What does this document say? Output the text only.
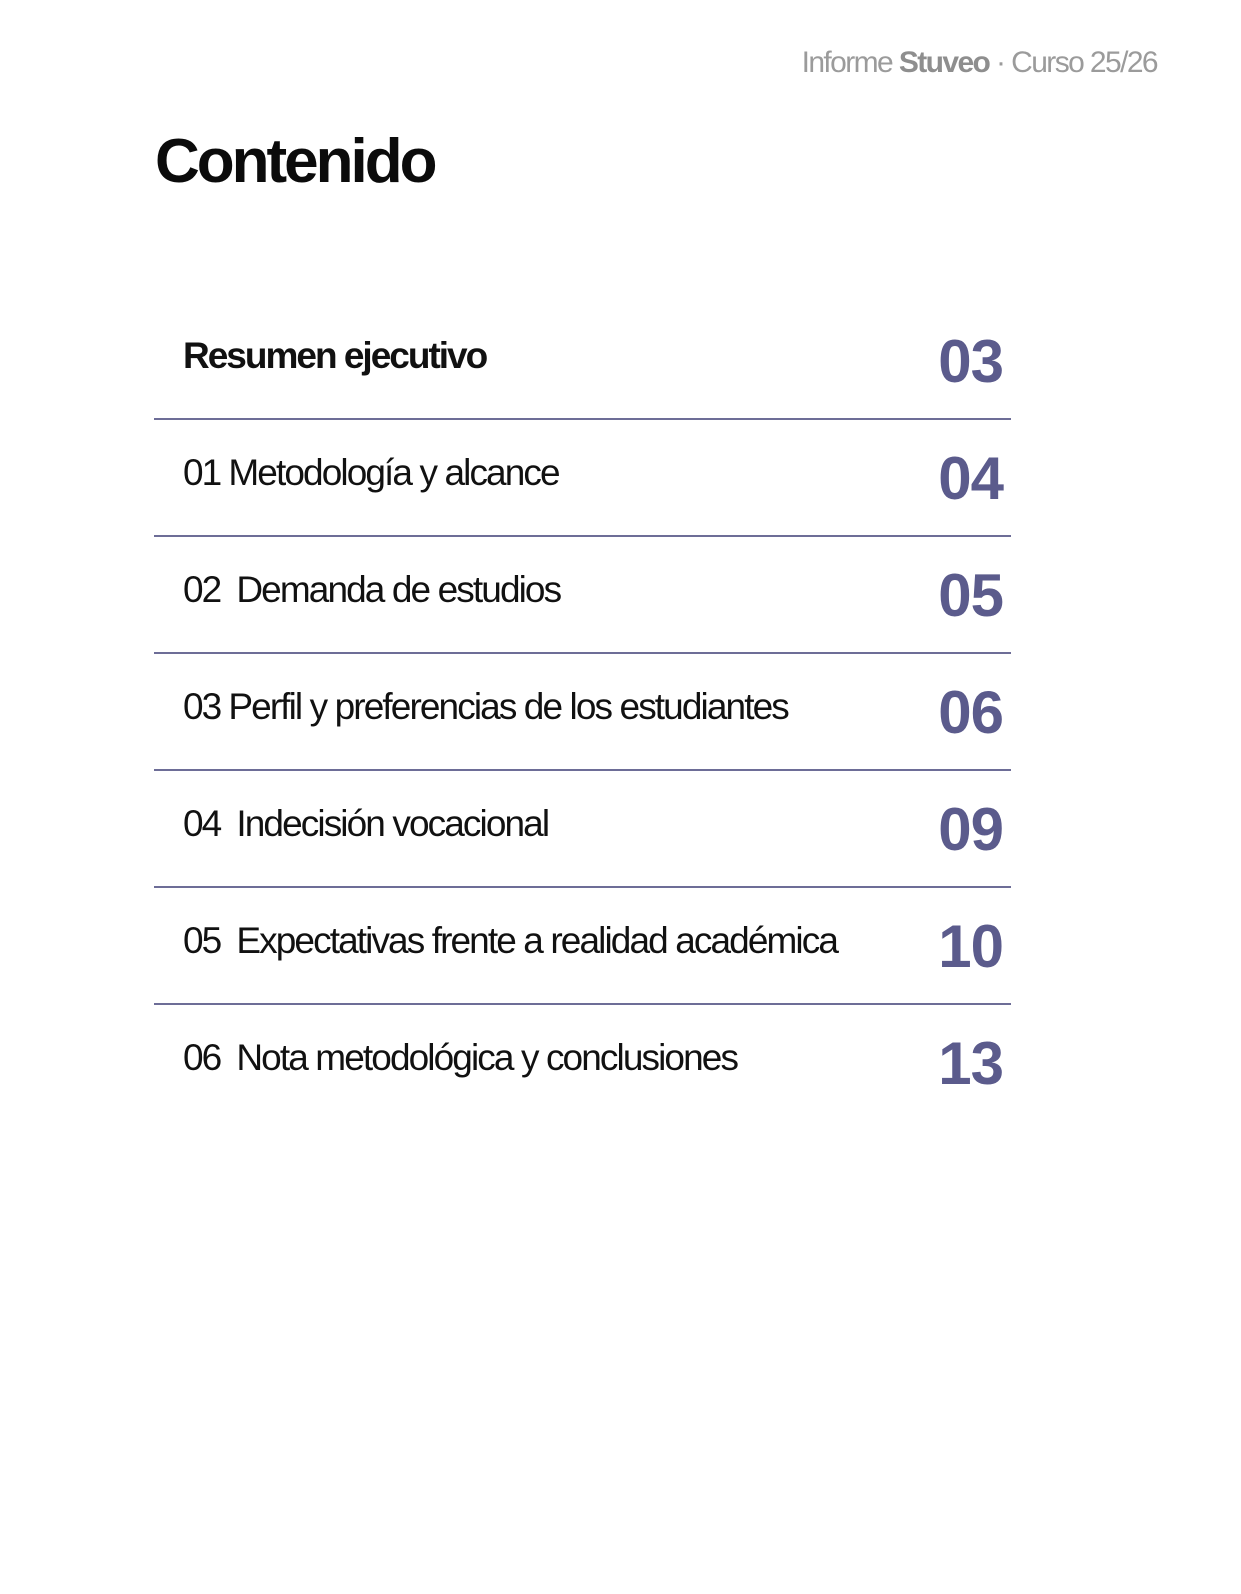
Informe Stuveo · Curso 25/26
Contenido
Resumen ejecutivo	03
01 Metodología y alcance	04
02 Demanda de estudios	05
03 Perfil y preferencias de los estudiantes	06
04 Indecisión vocacional	09
05 Expectativas frente a realidad académica 10
06 Nota metodológica y conclusiones	13
